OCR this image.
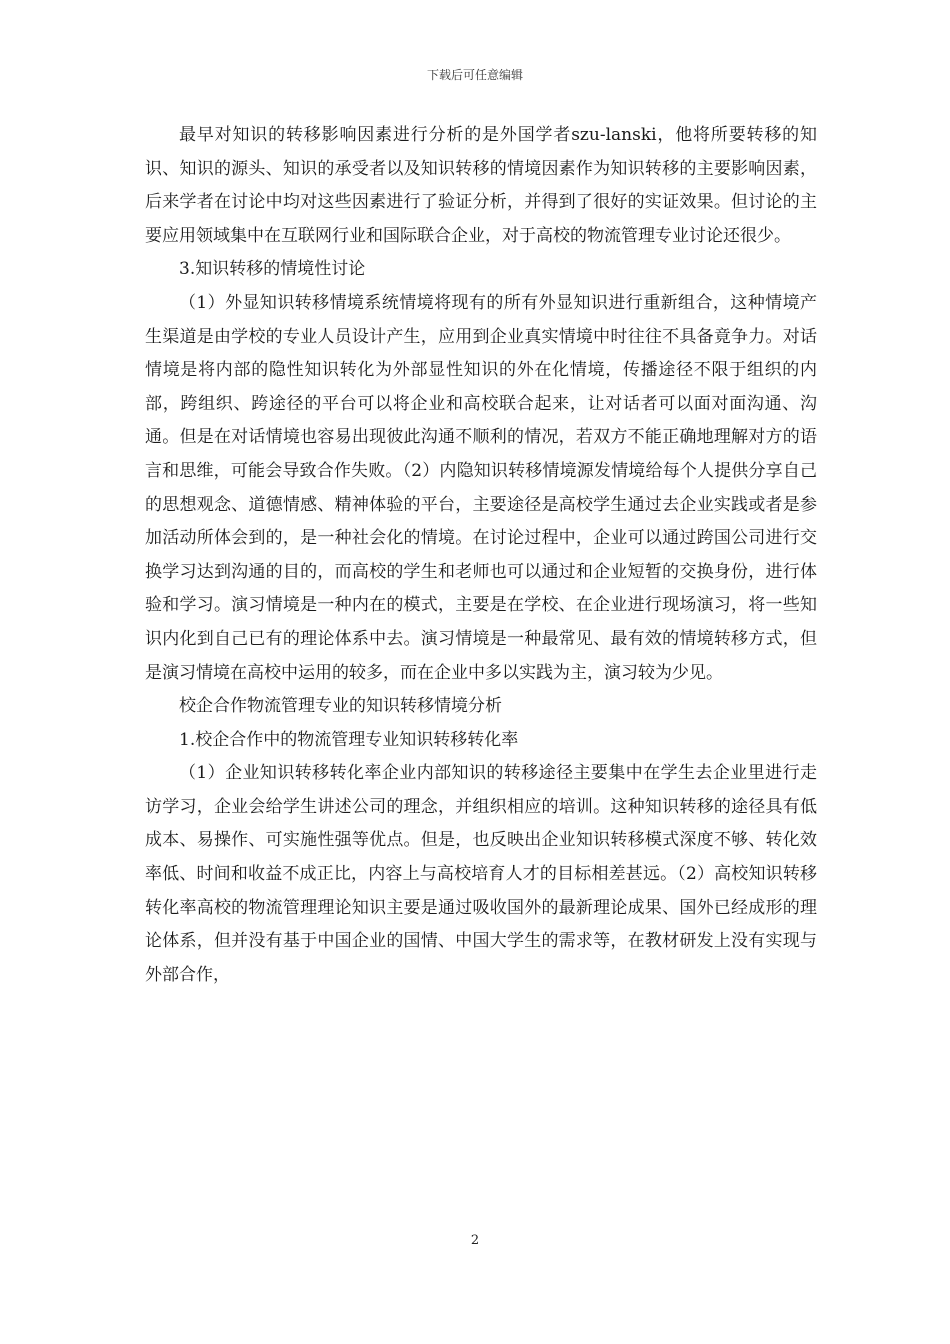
下载后可任意编辑

最早对知识的转移影响因素进行分析的是外国学者szu-lanski，他将所要转移的知识、知识的源头、知识的承受者以及知识转移的情境因素作为知识转移的主要影响因素，后来学者在讨论中均对这些因素进行了验证分析，并得到了很好的实证效果。但讨论的主要应用领域集中在互联网行业和国际联合企业，对于高校的物流管理专业讨论还很少。

3.知识转移的情境性讨论

（1）外显知识转移情境系统情境将现有的所有外显知识进行重新组合，这种情境产生渠道是由学校的专业人员设计产生，应用到企业真实情境中时往往不具备竟争力。对话情境是将内部的隐性知识转化为外部显性知识的外在化情境，传播途径不限于组织的内部，跨组织、跨途径的平台可以将企业和高校联合起来，让对话者可以面对面沟通、沟通。但是在对话情境也容易出现彼此沟通不顺利的情况，若双方不能正确地理解对方的语言和思维，可能会导致合作失败。（2）内隐知识转移情境源发情境给每个人提供分享自己的思想观念、道德情感、精神体验的平台，主要途径是高校学生通过去企业实践或者是参加活动所体会到的，是一种社会化的情境。在讨论过程中，企业可以通过跨国公司进行交换学习达到沟通的目的，而高校的学生和老师也可以通过和企业短暂的交换身份，进行体验和学习。演习情境是一种内在的模式，主要是在学校、在企业进行现场演习，将一些知识内化到自己已有的理论体系中去。演习情境是一种最常见、最有效的情境转移方式，但是演习情境在高校中运用的较多，而在企业中多以实践为主，演习较为少见。

校企合作物流管理专业的知识转移情境分析

1.校企合作中的物流管理专业知识转移转化率

（1）企业知识转移转化率企业内部知识的转移途径主要集中在学生去企业里进行走访学习，企业会给学生讲述公司的理念，并组织相应的培训。这种知识转移的途径具有低成本、易操作、可实施性强等优点。但是，也反映出企业知识转移模式深度不够、转化效率低、时间和收益不成正比，内容上与高校培育人才的目标相差甚远。（2）高校知识转移转化率高校的物流管理理论知识主要是通过吸收国外的最新理论成果、国外已经成形的理论体系，但并没有基于中国企业的国情、中国大学生的需求等，在教材研发上没有实现与外部合作，

2
